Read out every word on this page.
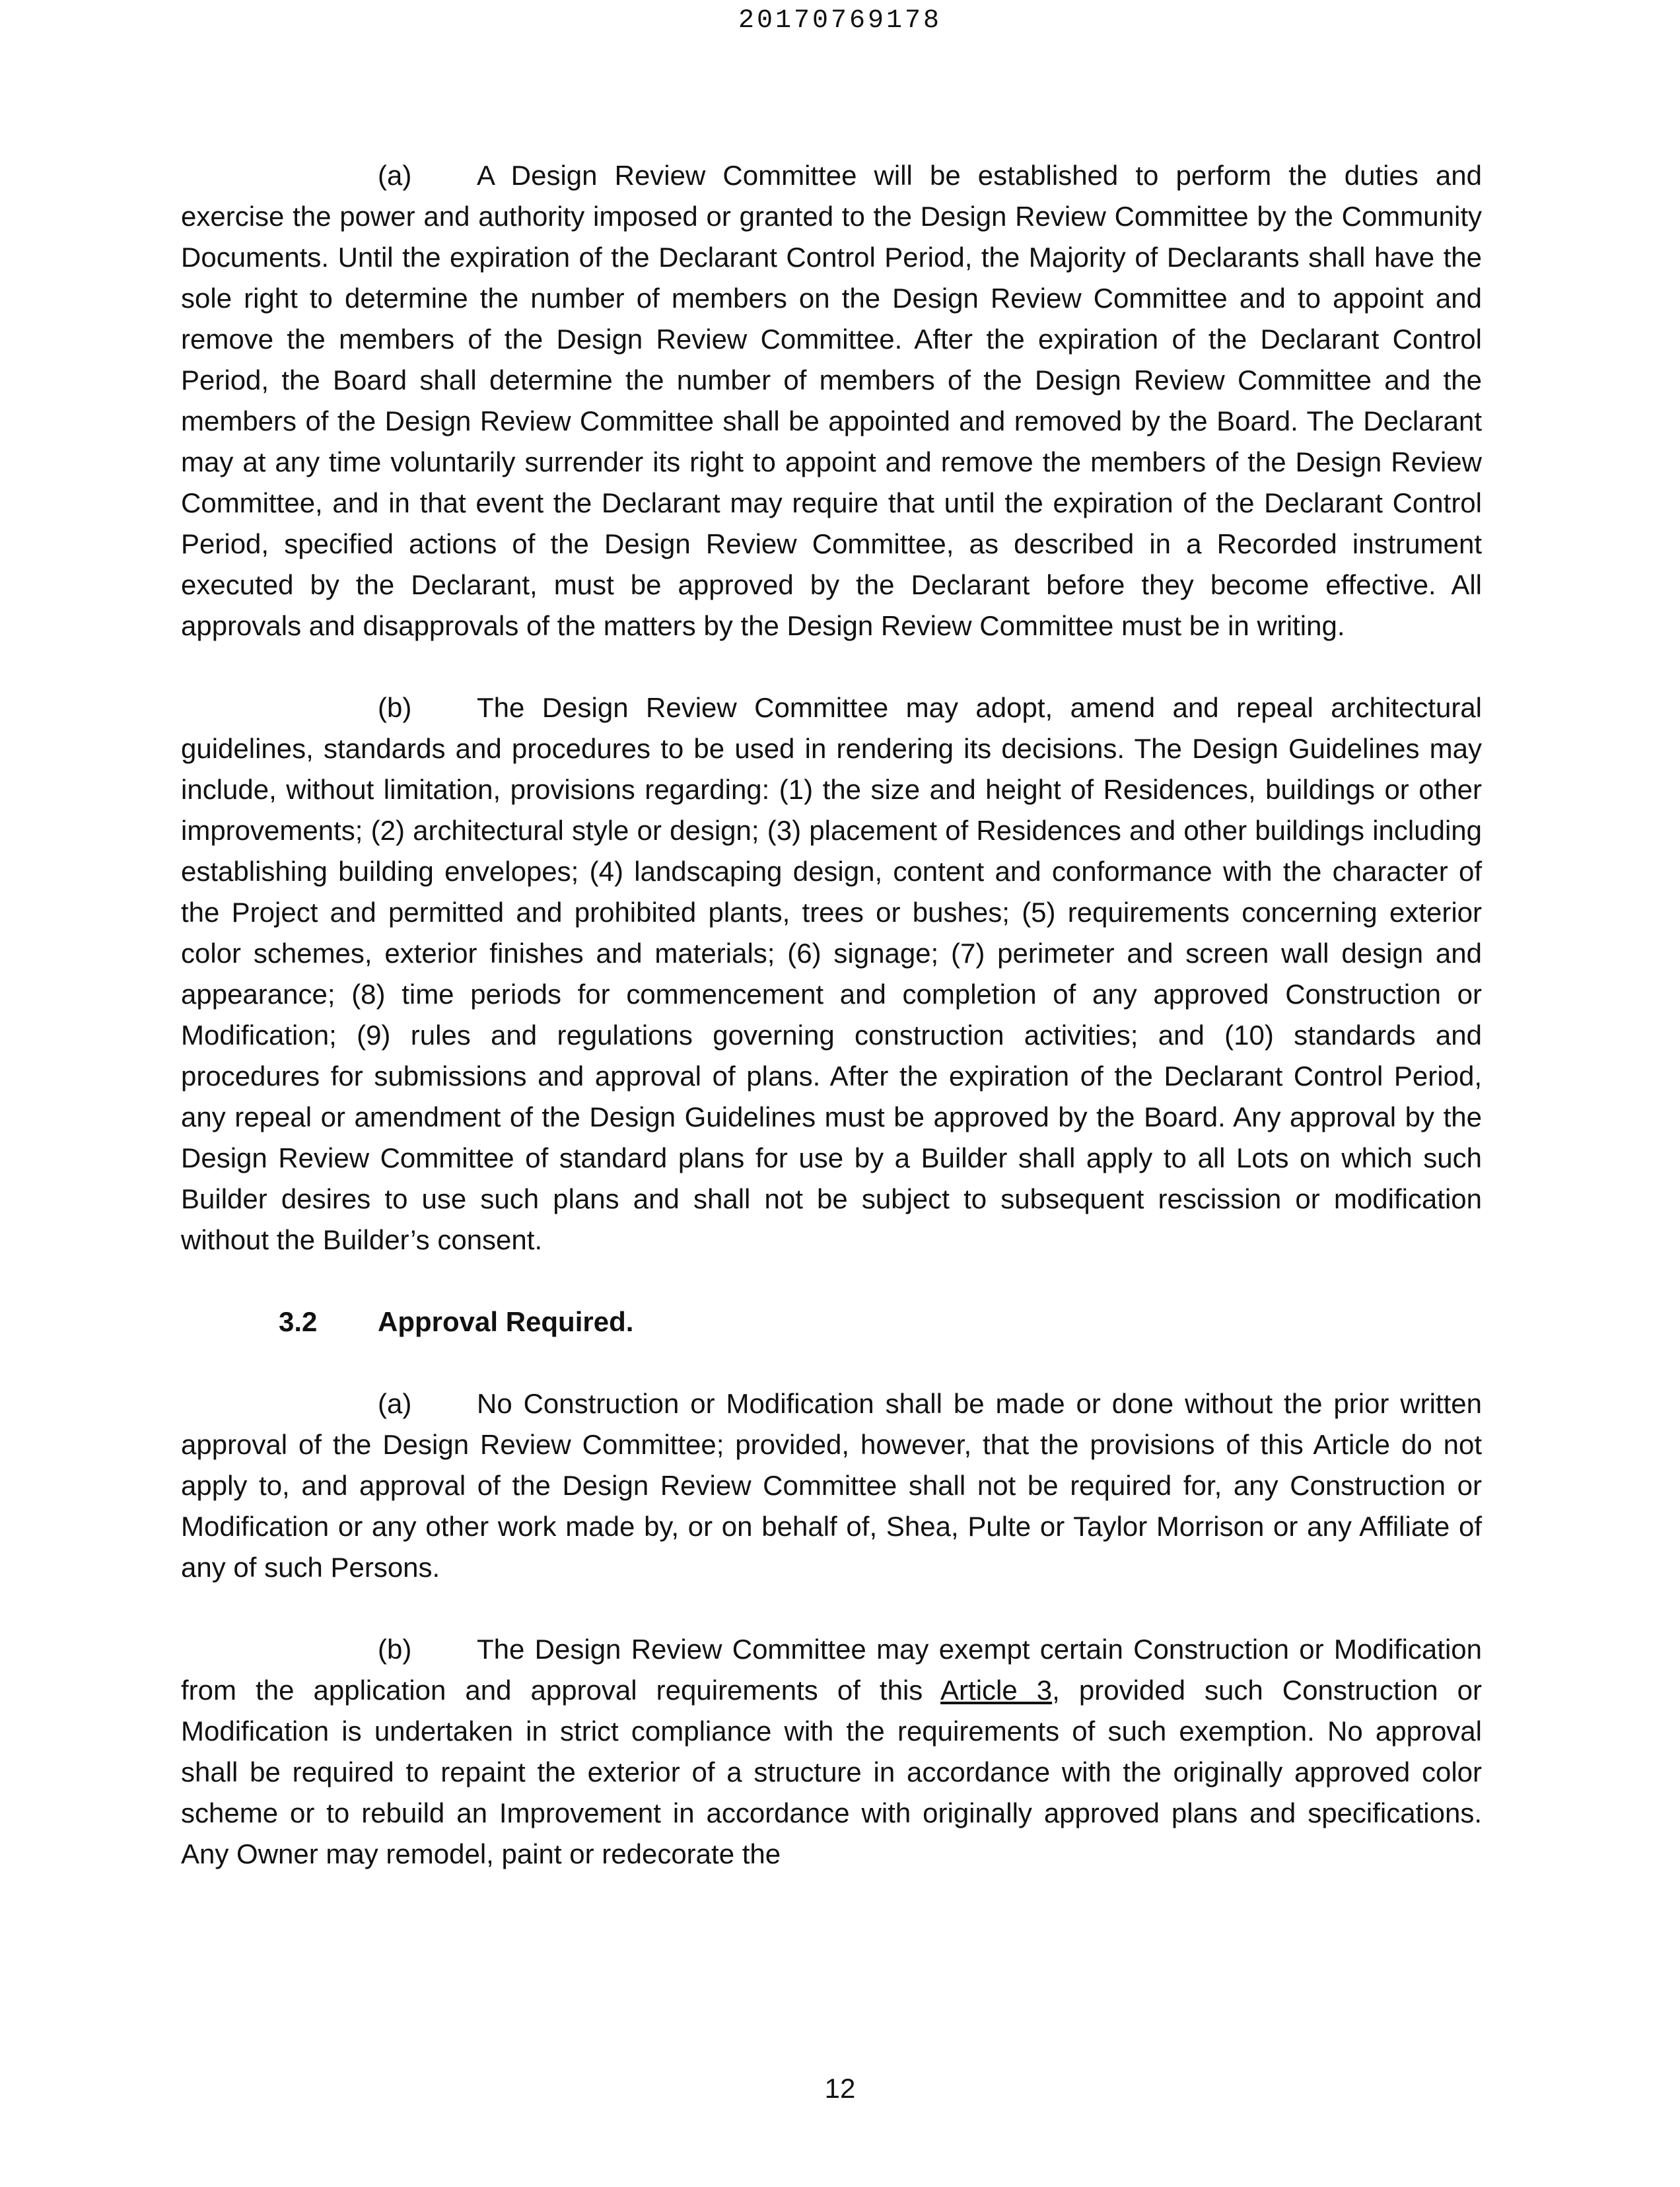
20170769178

(a) A Design Review Committee will be established to perform the duties and exercise the power and authority imposed or granted to the Design Review Committee by the Community Documents. Until the expiration of the Declarant Control Period, the Majority of Declarants shall have the sole right to determine the number of members on the Design Review Committee and to appoint and remove the members of the Design Review Committee. After the expiration of the Declarant Control Period, the Board shall determine the number of members of the Design Review Committee and the members of the Design Review Committee shall be appointed and removed by the Board. The Declarant may at any time voluntarily surrender its right to appoint and remove the members of the Design Review Committee, and in that event the Declarant may require that until the expiration of the Declarant Control Period, specified actions of the Design Review Committee, as described in a Recorded instrument executed by the Declarant, must be approved by the Declarant before they become effective. All approvals and disapprovals of the matters by the Design Review Committee must be in writing.

(b) The Design Review Committee may adopt, amend and repeal architectural guidelines, standards and procedures to be used in rendering its decisions. The Design Guidelines may include, without limitation, provisions regarding: (1) the size and height of Residences, buildings or other improvements; (2) architectural style or design; (3) placement of Residences and other buildings including establishing building envelopes; (4) landscaping design, content and conformance with the character of the Project and permitted and prohibited plants, trees or bushes; (5) requirements concerning exterior color schemes, exterior finishes and materials; (6) signage; (7) perimeter and screen wall design and appearance; (8) time periods for commencement and completion of any approved Construction or Modification; (9) rules and regulations governing construction activities; and (10) standards and procedures for submissions and approval of plans. After the expiration of the Declarant Control Period, any repeal or amendment of the Design Guidelines must be approved by the Board. Any approval by the Design Review Committee of standard plans for use by a Builder shall apply to all Lots on which such Builder desires to use such plans and shall not be subject to subsequent rescission or modification without the Builder’s consent.

3.2 Approval Required.

(a) No Construction or Modification shall be made or done without the prior written approval of the Design Review Committee; provided, however, that the provisions of this Article do not apply to, and approval of the Design Review Committee shall not be required for, any Construction or Modification or any other work made by, or on behalf of, Shea, Pulte or Taylor Morrison or any Affiliate of any of such Persons.

(b) The Design Review Committee may exempt certain Construction or Modification from the application and approval requirements of this Article 3, provided such Construction or Modification is undertaken in strict compliance with the requirements of such exemption. No approval shall be required to repaint the exterior of a structure in accordance with the originally approved color scheme or to rebuild an Improvement in accordance with originally approved plans and specifications. Any Owner may remodel, paint or redecorate the

12
